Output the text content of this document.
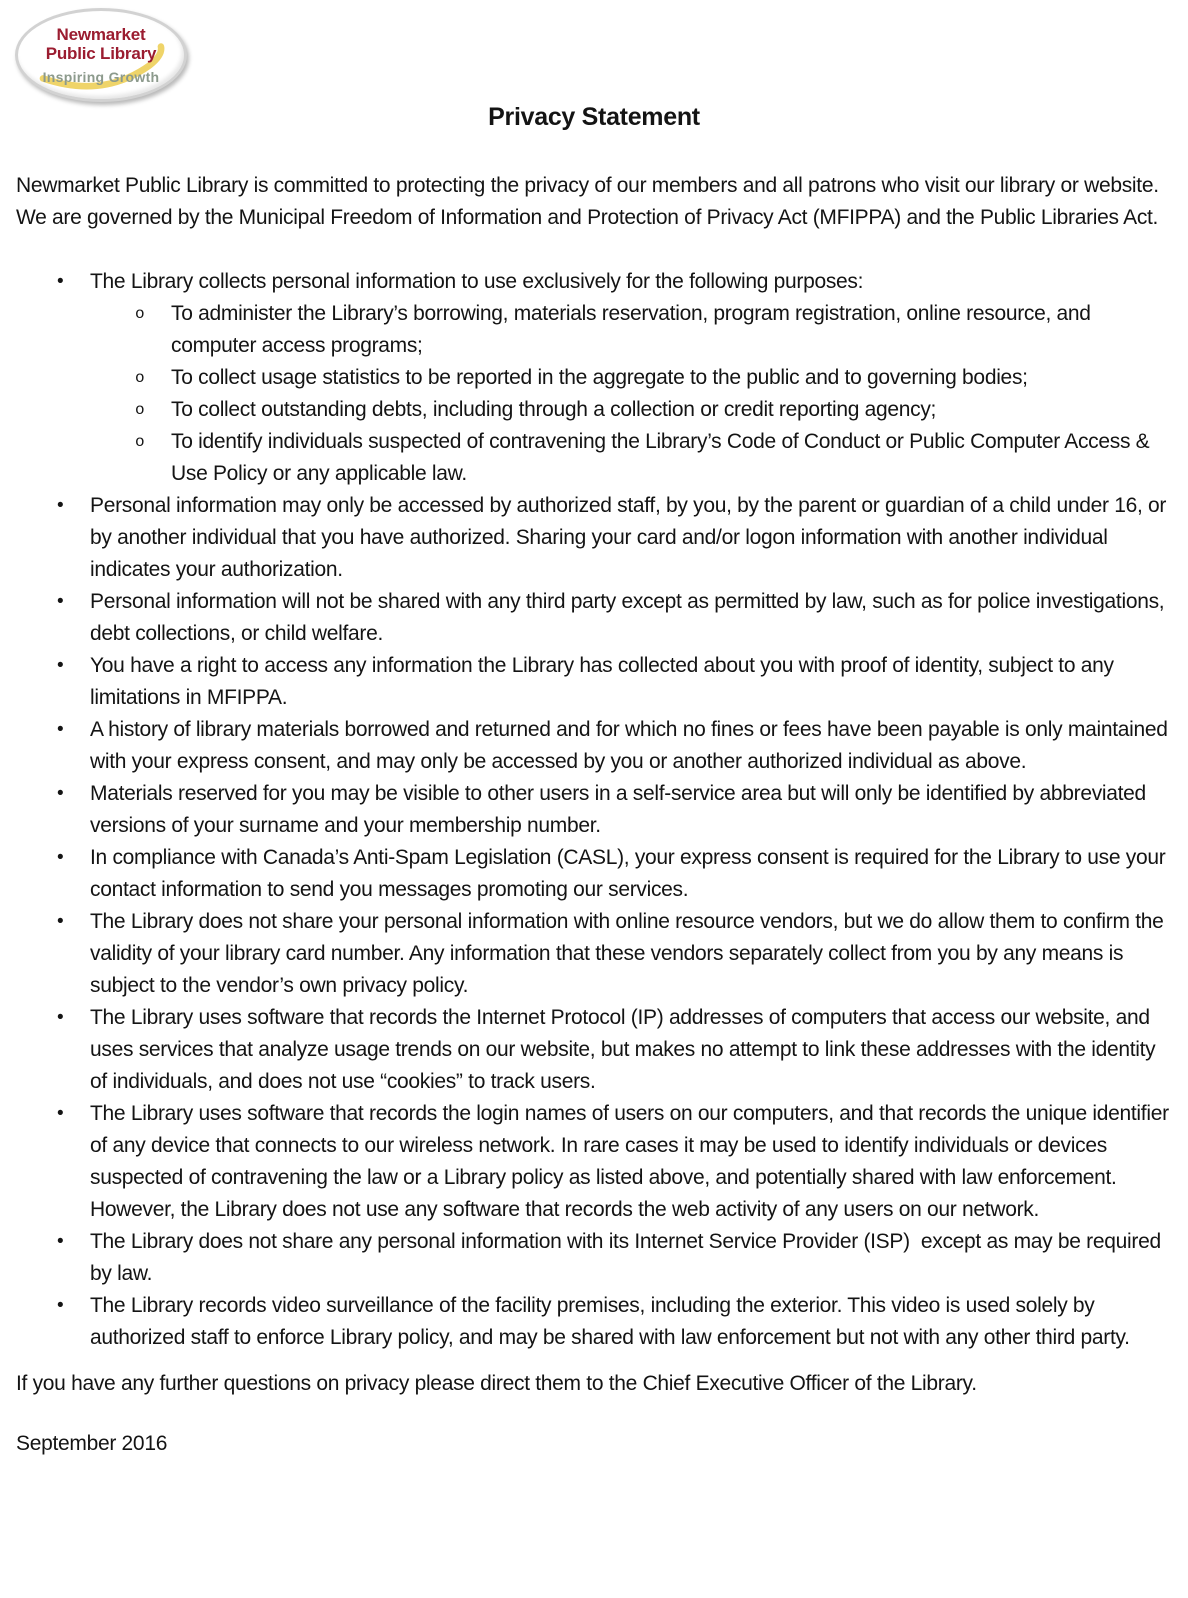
Newmarket
Public Library
Inspiring Growth
Privacy Statement

Newmarket Public Library is committed to protecting the privacy of our members and all patrons who visit our library or website. We are governed by the Municipal Freedom of Information and Protection of Privacy Act (MFIPPA) and the Public Libraries Act.

• The Library collects personal information to use exclusively for the following purposes:
o To administer the Library’s borrowing, materials reservation, program registration, online resource, and computer access programs;
o To collect usage statistics to be reported in the aggregate to the public and to governing bodies;
o To collect outstanding debts, including through a collection or credit reporting agency;
o To identify individuals suspected of contravening the Library’s Code of Conduct or Public Computer Access & Use Policy or any applicable law.
• Personal information may only be accessed by authorized staff, by you, by the parent or guardian of a child under 16, or by another individual that you have authorized. Sharing your card and/or logon information with another individual indicates your authorization.
• Personal information will not be shared with any third party except as permitted by law, such as for police investigations, debt collections, or child welfare.
• You have a right to access any information the Library has collected about you with proof of identity, subject to any limitations in MFIPPA.
• A history of library materials borrowed and returned and for which no fines or fees have been payable is only maintained with your express consent, and may only be accessed by you or another authorized individual as above.
• Materials reserved for you may be visible to other users in a self-service area but will only be identified by abbreviated versions of your surname and your membership number.
• In compliance with Canada’s Anti-Spam Legislation (CASL), your express consent is required for the Library to use your contact information to send you messages promoting our services.
• The Library does not share your personal information with online resource vendors, but we do allow them to confirm the validity of your library card number. Any information that these vendors separately collect from you by any means is subject to the vendor’s own privacy policy.
• The Library uses software that records the Internet Protocol (IP) addresses of computers that access our website, and uses services that analyze usage trends on our website, but makes no attempt to link these addresses with the identity of individuals, and does not use “cookies” to track users.
• The Library uses software that records the login names of users on our computers, and that records the unique identifier of any device that connects to our wireless network. In rare cases it may be used to identify individuals or devices suspected of contravening the law or a Library policy as listed above, and potentially shared with law enforcement.  However, the Library does not use any software that records the web activity of any users on our network.
• The Library does not share any personal information with its Internet Service Provider (ISP)  except as may be required by law.
• The Library records video surveillance of the facility premises, including the exterior. This video is used solely by authorized staff to enforce Library policy, and may be shared with law enforcement but not with any other third party.

If you have any further questions on privacy please direct them to the Chief Executive Officer of the Library.

September 2016
